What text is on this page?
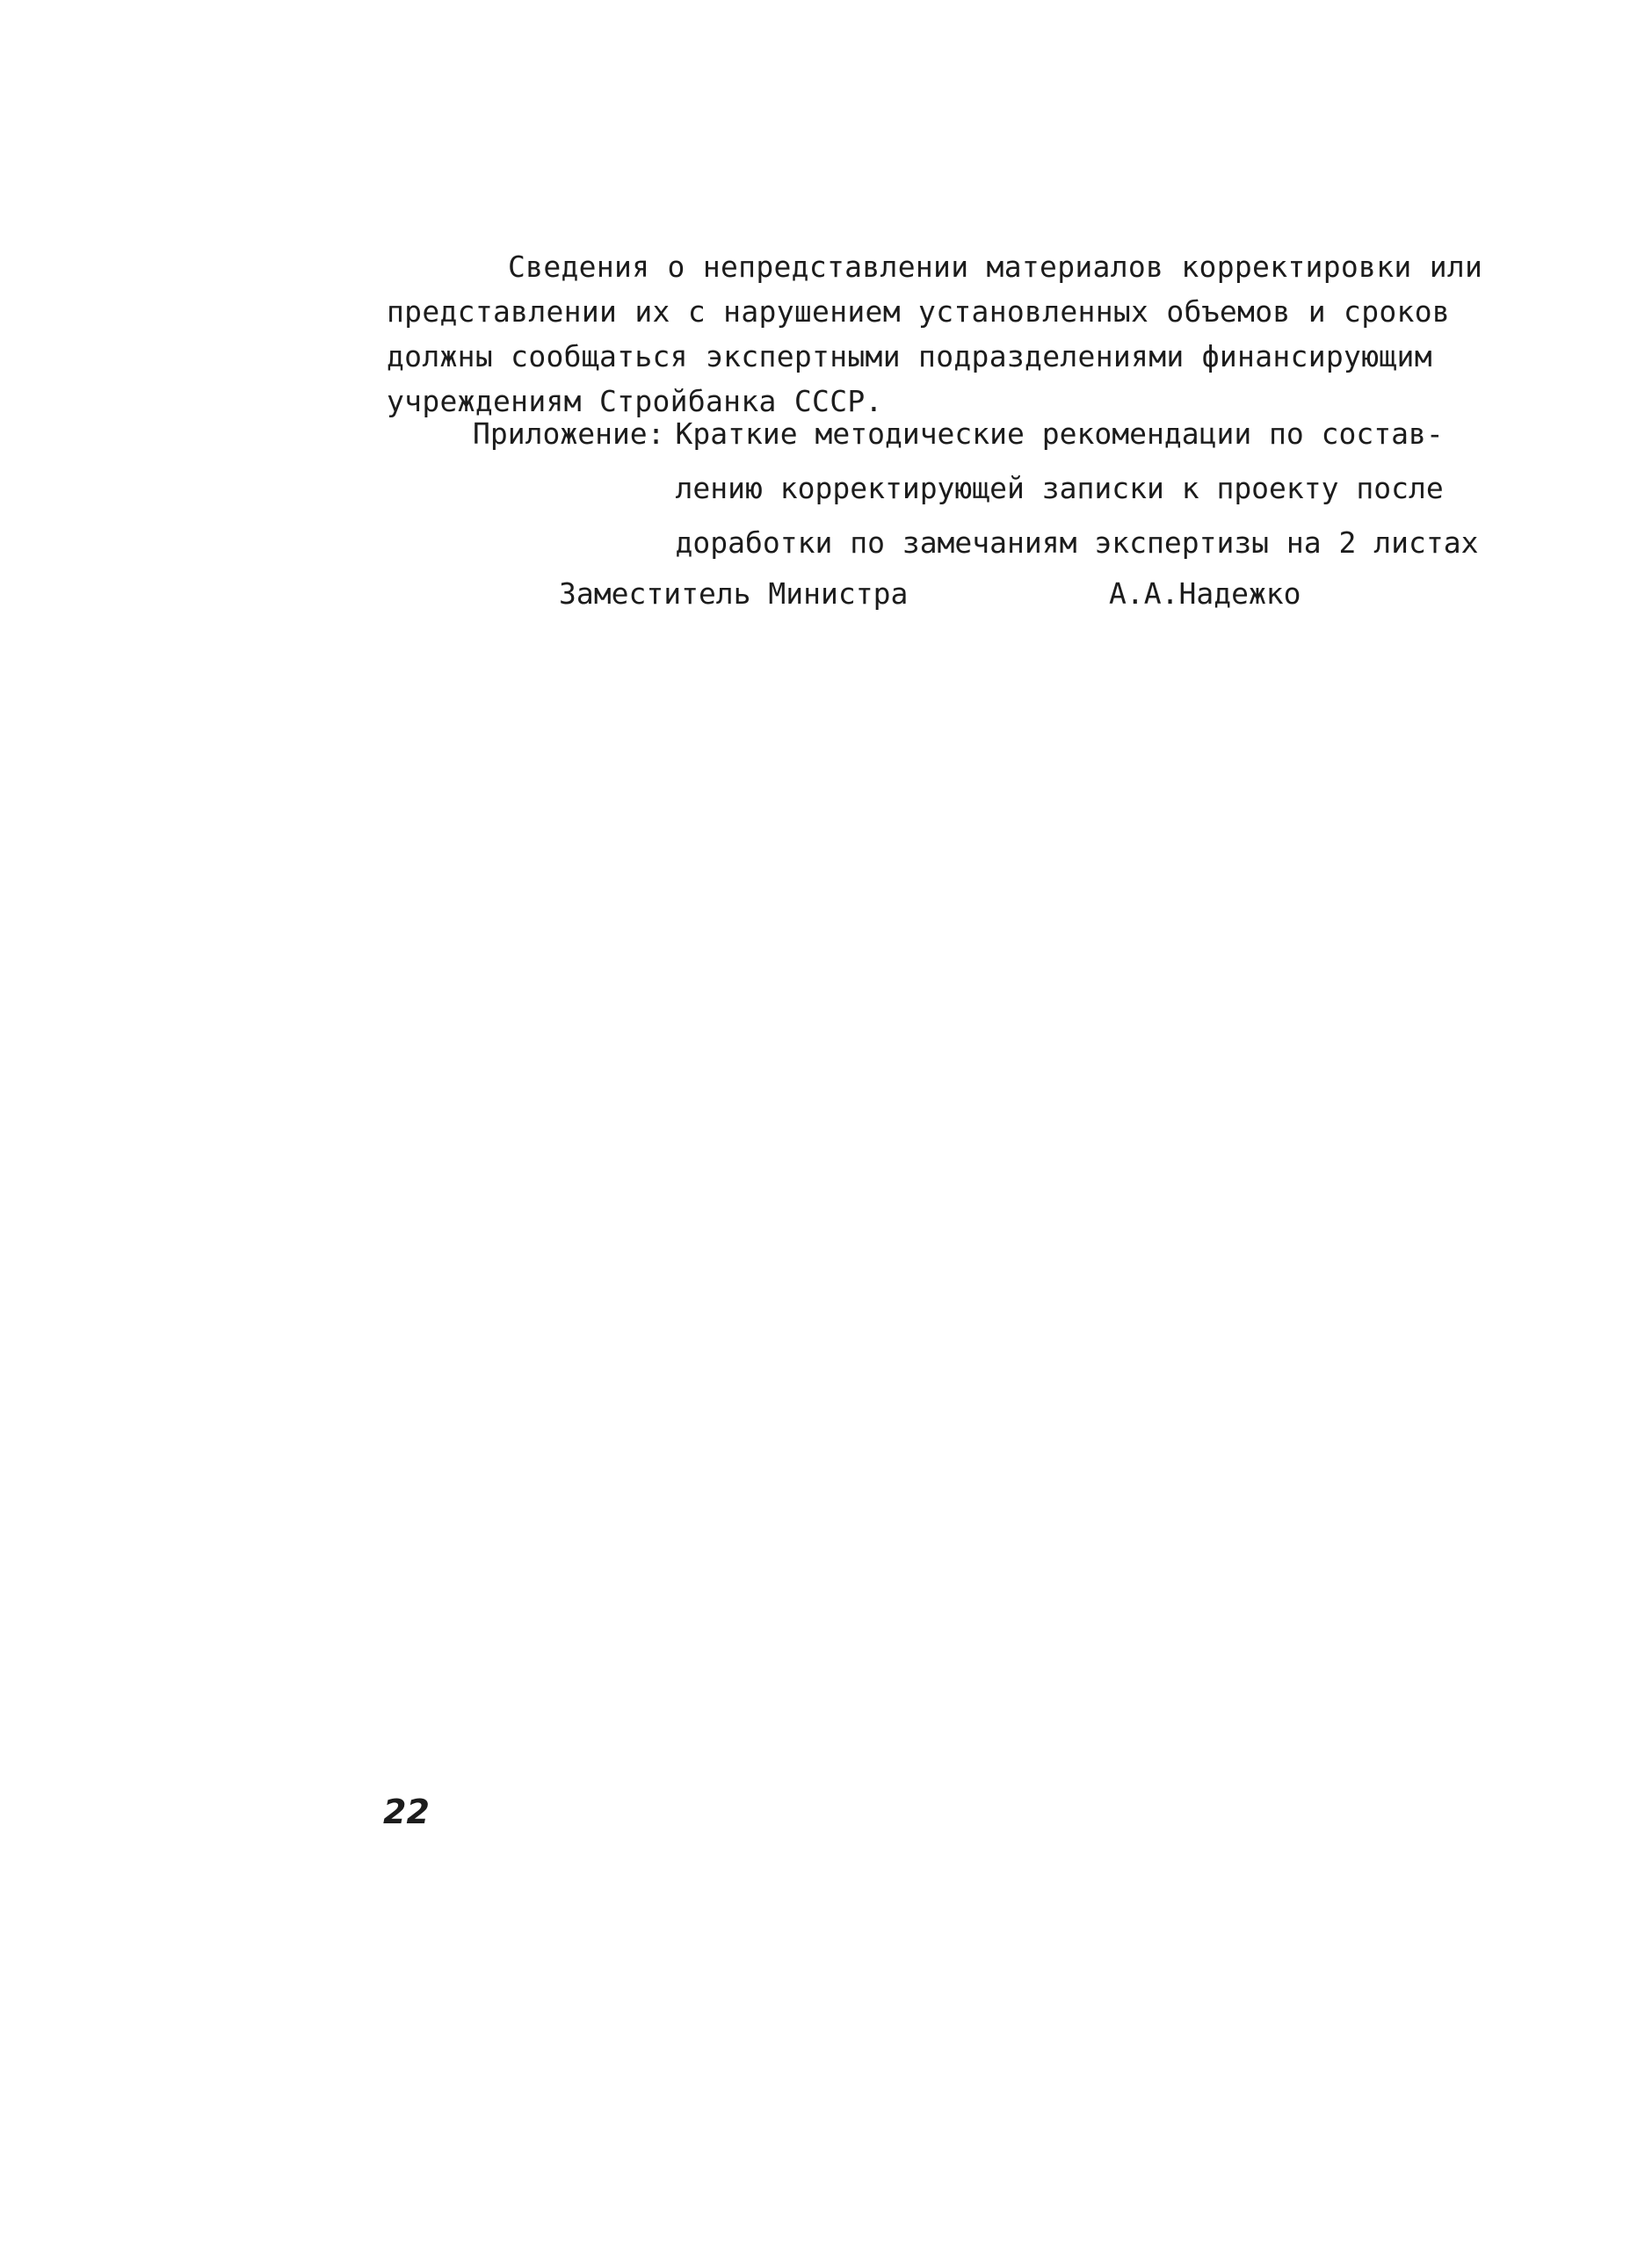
Сведения о непредставлении материалов корректировки или
представлении их с нарушением установленных объемов и сроков
должны сообщаться экспертными подразделениями финансирующим
учреждениям Стройбанка СССР.
Приложение: Краткие методические рекомендации по состав-

лению корректирующей записки к проекту после

доработки по замечаниям экспертизы на 2 листах
Заместитель Министра	А.А.Надежко
22
